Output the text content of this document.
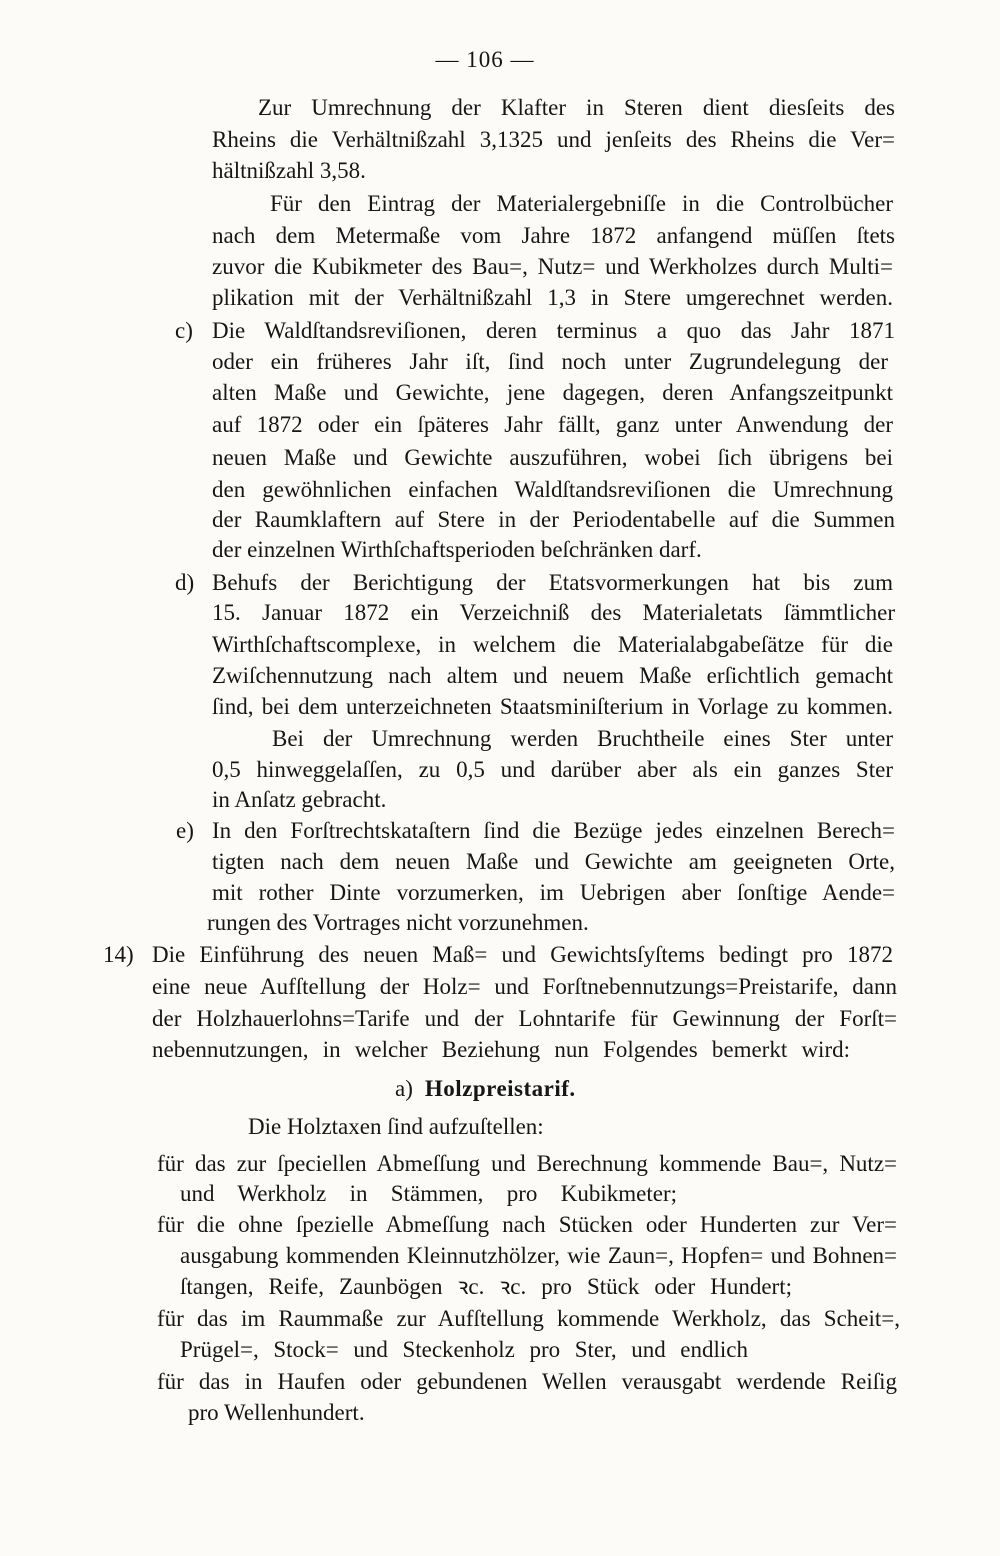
— 106 —
Zur Umrechnung der Klafter in Steren dient diesſeits des
Rheins die Verhältnißzahl 3,1325 und jenſeits des Rheins die Ver=
hältnißzahl 3,58.
Für den Eintrag der Materialergebniſſe in die Controlbücher
nach dem Metermaße vom Jahre 1872 anfangend müſſen ſtets
zuvor die Kubikmeter des Bau=, Nutz= und Werkholzes durch Multi=
plikation mit der Verhältnißzahl 1,3 in Stere umgerechnet werden.
c) Die Waldſtandsreviſionen, deren terminus a quo das Jahr 1871
oder ein früheres Jahr iſt, ſind noch unter Zugrundelegung der
alten Maße und Gewichte, jene dagegen, deren Anfangszeitpunkt
auf 1872 oder ein ſpäteres Jahr fällt, ganz unter Anwendung der
neuen Maße und Gewichte auszuführen, wobei ſich übrigens bei
den gewöhnlichen einfachen Waldſtandsreviſionen die Umrechnung
der Raumklaftern auf Stere in der Periodentabelle auf die Summen
der einzelnen Wirthſchaftsperioden beſchränken darf.
d) Behufs der Berichtigung der Etatsvormerkungen hat bis zum
15. Januar 1872 ein Verzeichniß des Materialetats ſämmtlicher
Wirthſchaftscomplexe, in welchem die Materialabgabeſätze für die
Zwiſchennutzung nach altem und neuem Maße erſichtlich gemacht
ſind, bei dem unterzeichneten Staatsminiſterium in Vorlage zu kommen.
Bei der Umrechnung werden Bruchtheile eines Ster unter
0,5 hinweggelaſſen, zu 0,5 und darüber aber als ein ganzes Ster
in Anſatz gebracht.
e) In den Forſtrechtskataſtern ſind die Bezüge jedes einzelnen Berech=
tigten nach dem neuen Maße und Gewichte am geeigneten Orte,
mit rother Dinte vorzumerken, im Uebrigen aber ſonſtige Aende=
rungen des Vortrages nicht vorzunehmen.
14) Die Einführung des neuen Maß= und Gewichtsſyſtems bedingt pro 1872
eine neue Aufſtellung der Holz= und Forſtnebennutzungs=Preistarife, dann
der Holzhauerlohns=Tarife und der Lohntarife für Gewinnung der Forſt=
nebennutzungen, in welcher Beziehung nun Folgendes bemerkt wird:
a) Holzpreistarif.
Die Holztaxen ſind aufzuſtellen:
für das zur ſpeciellen Abmeſſung und Berechnung kommende Bau=, Nutz=
und Werkholz in Stämmen, pro Kubikmeter;
für die ohne ſpezielle Abmeſſung nach Stücken oder Hunderten zur Ver=
ausgabung kommenden Kleinnutzhölzer, wie Zaun=, Hopfen= und Bohnen=
ſtangen, Reife, Zaunbögen ꝛc. ꝛc. pro Stück oder Hundert;
für das im Raummaße zur Aufſtellung kommende Werkholz, das Scheit=,
Prügel=, Stock= und Steckenholz pro Ster, und endlich
für das in Haufen oder gebundenen Wellen verausgabt werdende Reiſig
pro Wellenhundert.
